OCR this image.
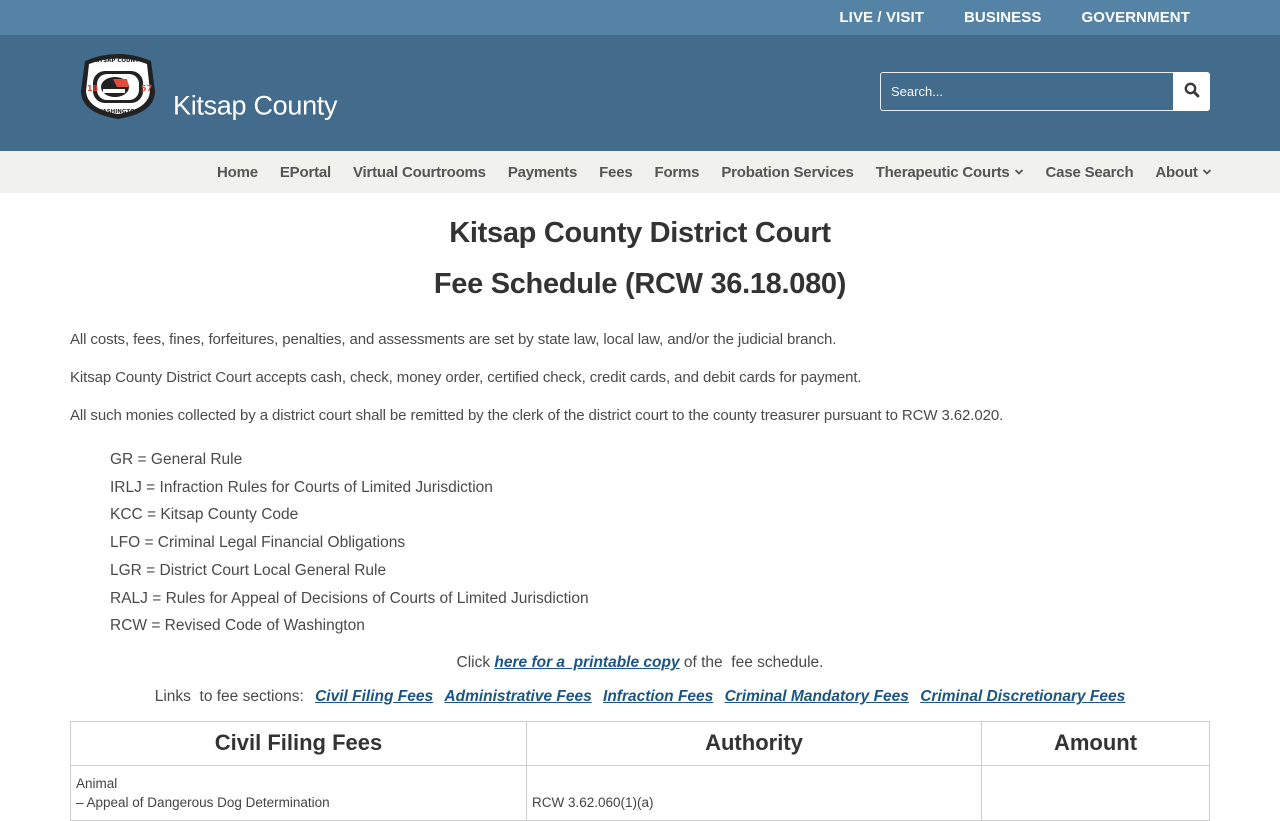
LIVE / VISIT	BUSINESS	GOVERNMENT
18	57
KITSAP COUNTY
WASHINGTON Kitsap County
Search...
Home EPortal Virtual Courtrooms Payments Fees Forms Probation Services Therapeutic Courts Case Search About
Kitsap County District Court
Fee Schedule (RCW 36.18.080)

All costs, fees, fines, forfeitures, penalties, and assessments are set by state law, local law, and/or the judicial branch.

Kitsap County District Court accepts cash, check, money order, certified check, credit cards, and debit cards for payment.

All such monies collected by a district court shall be remitted by the clerk of the district court to the county treasurer pursuant to RCW 3.62.020.

GR = General Rule
IRLJ = Infraction Rules for Courts of Limited Jurisdiction
KCC = Kitsap County Code
LFO = Criminal Legal Financial Obligations
LGR = District Court Local General Rule
RALJ = Rules for Appeal of Decisions of Courts of Limited Jurisdiction
RCW = Revised Code of Washington
Click here for a  printable copy of the  fee schedule.
Links  to fee sections: Civil Filing Fees Administrative Fees Infraction Fees Criminal Mandatory Fees Criminal Discretionary Fees
Civil Filing Fees	Authority	Amount

Animal
– Appeal of Dangerous Dog Determination	RCW 3.62.060(1)(a)	
